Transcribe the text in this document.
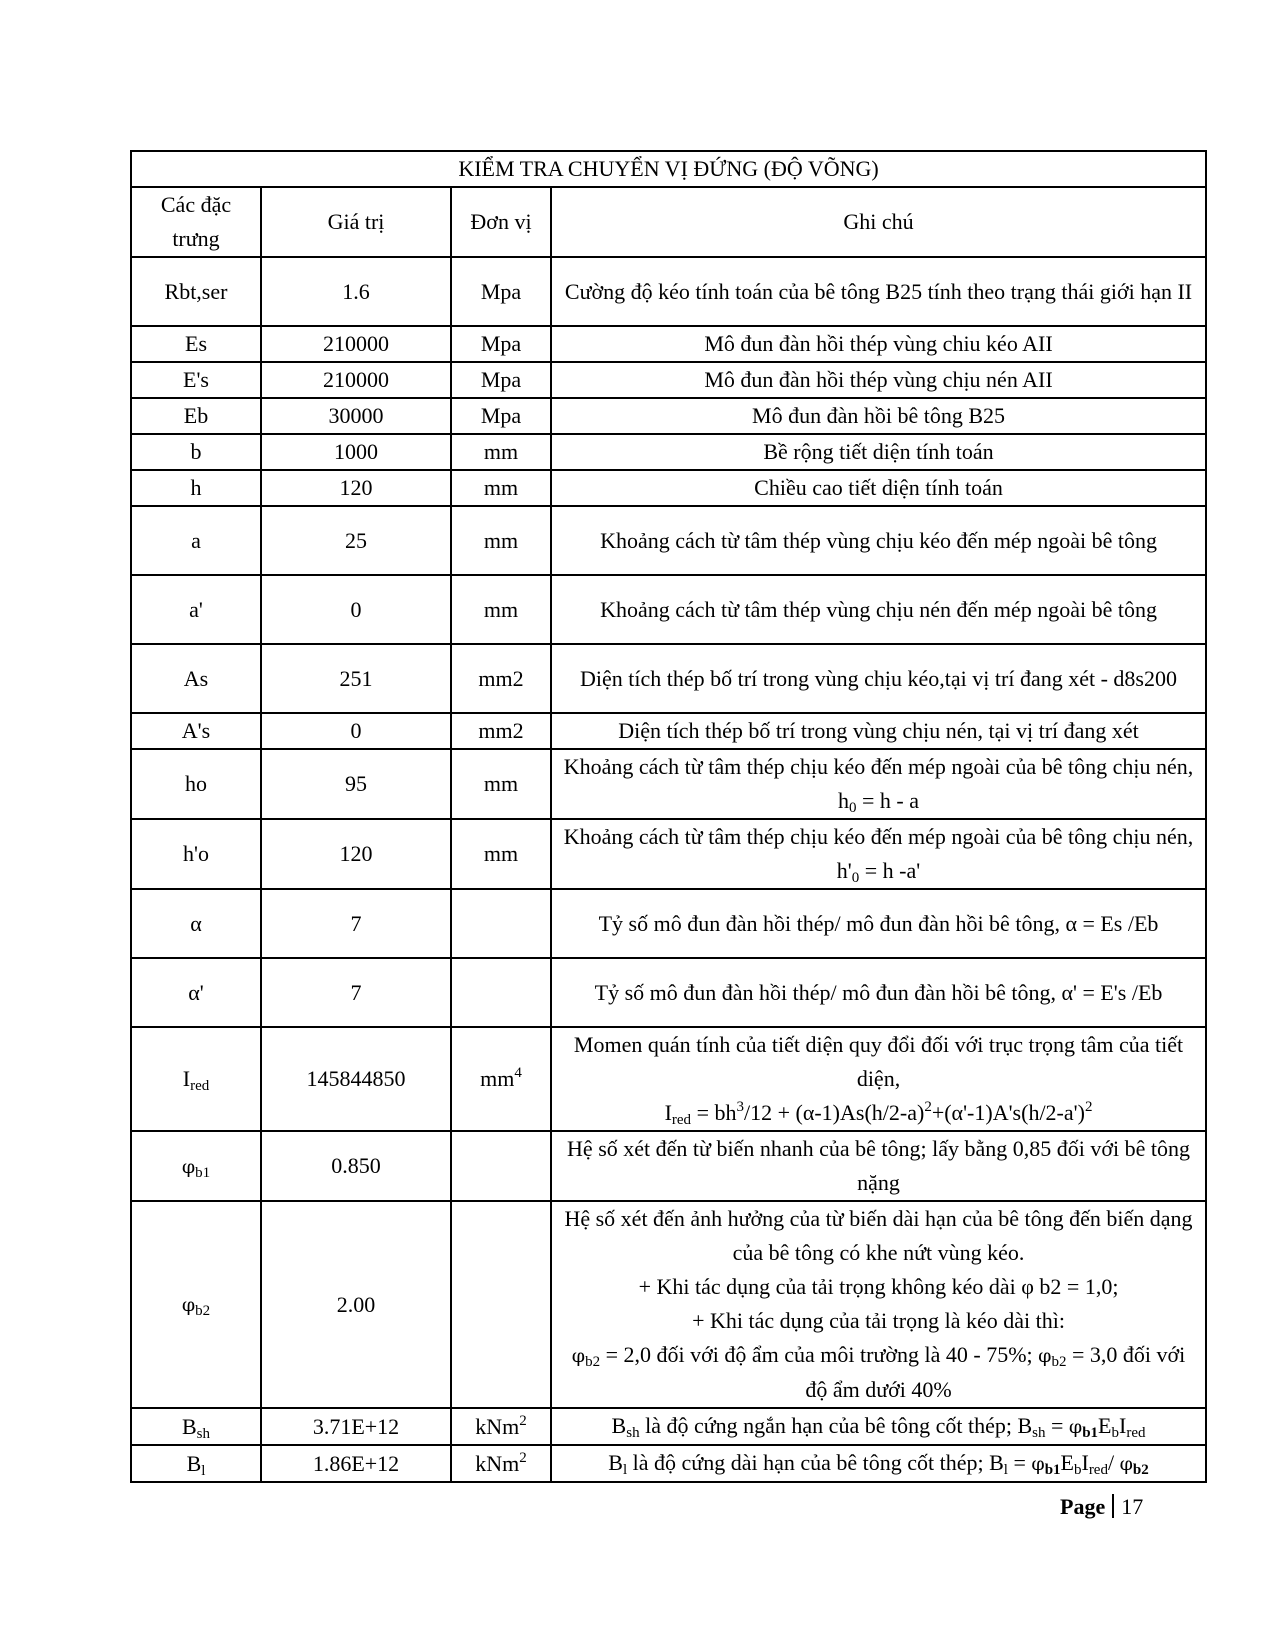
KIỂM TRA CHUYỂN VỊ ĐỨNG (ĐỘ VÕNG)			
Các đặc trưng	Giá trị	Đơn vị	Ghi chú
Rbt,ser	1.6	Mpa	Cường độ kéo tính toán của bê tông B25 tính theo trạng thái giới hạn II
Es	210000	Mpa	Mô đun đàn hồi thép vùng chiu kéo AII
E's	210000	Mpa	Mô đun đàn hồi thép vùng chịu nén AII
Eb	30000	Mpa	Mô đun đàn hồi bê tông B25
b	1000	mm	Bề rộng tiết diện tính toán
h	120	mm	Chiều cao tiết diện tính toán
a	25	mm	Khoảng cách từ tâm thép vùng chịu kéo đến mép ngoài bê tông
a'	0	mm	Khoảng cách từ tâm thép vùng chịu nén đến mép ngoài bê tông
As	251	mm2	Diện tích thép bố trí trong vùng chịu kéo,tại vị trí đang xét - d8s200
A's	0	mm2	Diện tích thép bố trí trong vùng chịu nén, tại vị trí đang xét
ho	95	mm	Khoảng cách từ tâm thép chịu kéo đến mép ngoài của bê tông chịu nén, $h_0 = h - a$
h'o	120	mm	Khoảng cách từ tâm thép chịu kéo đến mép ngoài của bê tông chịu nén, $h'_0 = h$ -a'
α	7		Tỷ số mô đun đàn hồi thép/ mô đun đàn hồi bê tông, α = Es /Eb
α'	7		Tỷ số mô đun đàn hồi thép/ mô đun đàn hồi bê tông, α' = E's /Eb
$I_{red}$	145844850	$mm^4$	Momen quán tính của tiết diện quy đổi đối với trục trọng tâm của tiết diện,
$I_{red} = bh^3/12 + (\alpha-1)As(h/2-a)^2+(\alpha'-1)A's(h/2-a')^2$

$\varphi_{b1}$	0.850		Hệ số xét đến từ biến nhanh của bê tông; lấy bằng 0,85 đối với bê tông nặng
$\varphi_{b2}$	2.00		Hệ số xét đến ảnh hưởng của từ biến dài hạn của bê tông đến biến dạng của bê tông có khe nứt vùng kéo.
+ Khi tác dụng của tải trọng không kéo dài φ b2 = 1,0;
+ Khi tác dụng của tải trọng là kéo dài thì:
$\varphi_{b2} = 2,0$ đối với độ ẩm của môi trường là 40 - 75%; $\varphi_{b2} = 3,0$ đối với độ ẩm dưới 40%

$B_{sh}$	3.71E+12	kNm$^2$	$B_{sh}$ là độ cứng ngắn hạn của bê tông cốt thép; $B_{sh} = \varphi_{b1}E_bI_{red}$
$B_l$	1.86E+12	kNm$^2$	$B_l$ là độ cứng dài hạn của bê tông cốt thép; $B_l = \varphi_{b1}E_bI_{red}/$ $\varphi_{b2}$
Page 17
